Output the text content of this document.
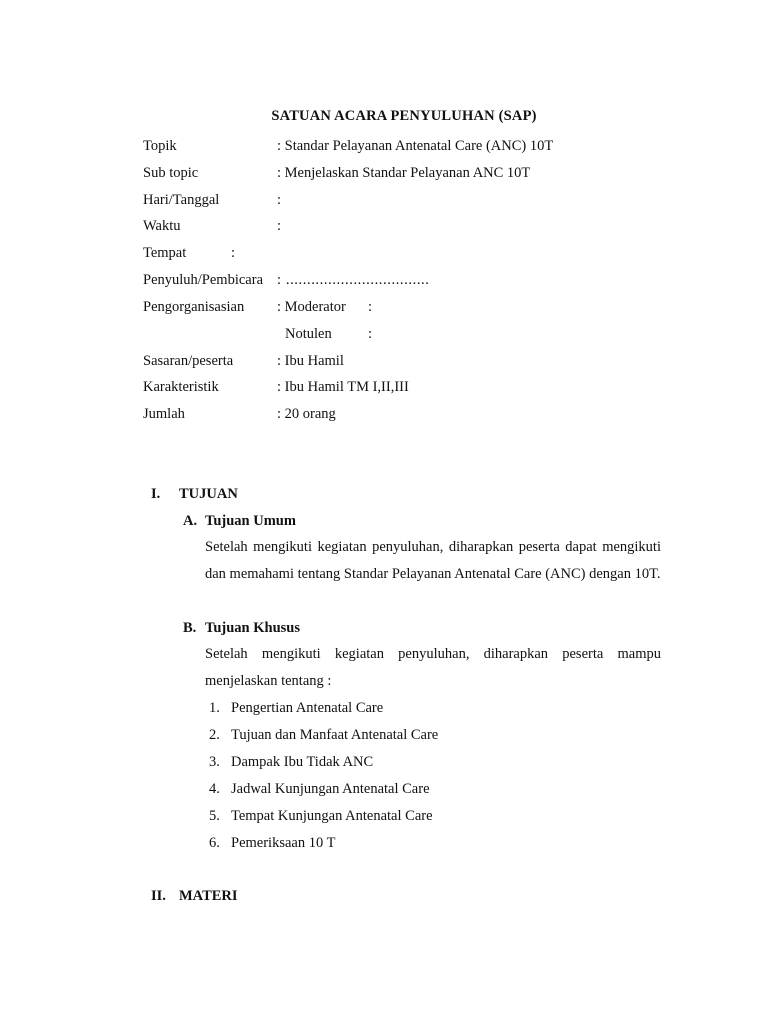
SATUAN ACARA PENYULUHAN (SAP)
Topik	: Standar Pelayanan Antenatal Care (ANC) 10T
Sub topic	: Menjelaskan Standar Pelayanan ANC 10T
Hari/Tanggal	:
Waktu	:
Tempat	:
Penyuluh/Pembicara : ..................................
Pengorganisasian : Moderator :
Notulen	:
Sasaran/peserta	: Ibu Hamil
Karakteristik	: Ibu Hamil TM I,II,III
Jumlah	: 20 orang
I. TUJUAN
A. Tujuan Umum
Setelah mengikuti kegiatan penyuluhan, diharapkan peserta dapat mengikuti dan memahami tentang Standar Pelayanan Antenatal Care (ANC) dengan 10T.
B. Tujuan Khusus
Setelah mengikuti kegiatan penyuluhan, diharapkan peserta mampu menjelaskan tentang :
1. Pengertian Antenatal Care
2. Tujuan dan Manfaat Antenatal Care
3. Dampak Ibu Tidak ANC
4. Jadwal Kunjungan Antenatal Care
5. Tempat Kunjungan Antenatal Care
6. Pemeriksaan 10 T
II. MATERI
